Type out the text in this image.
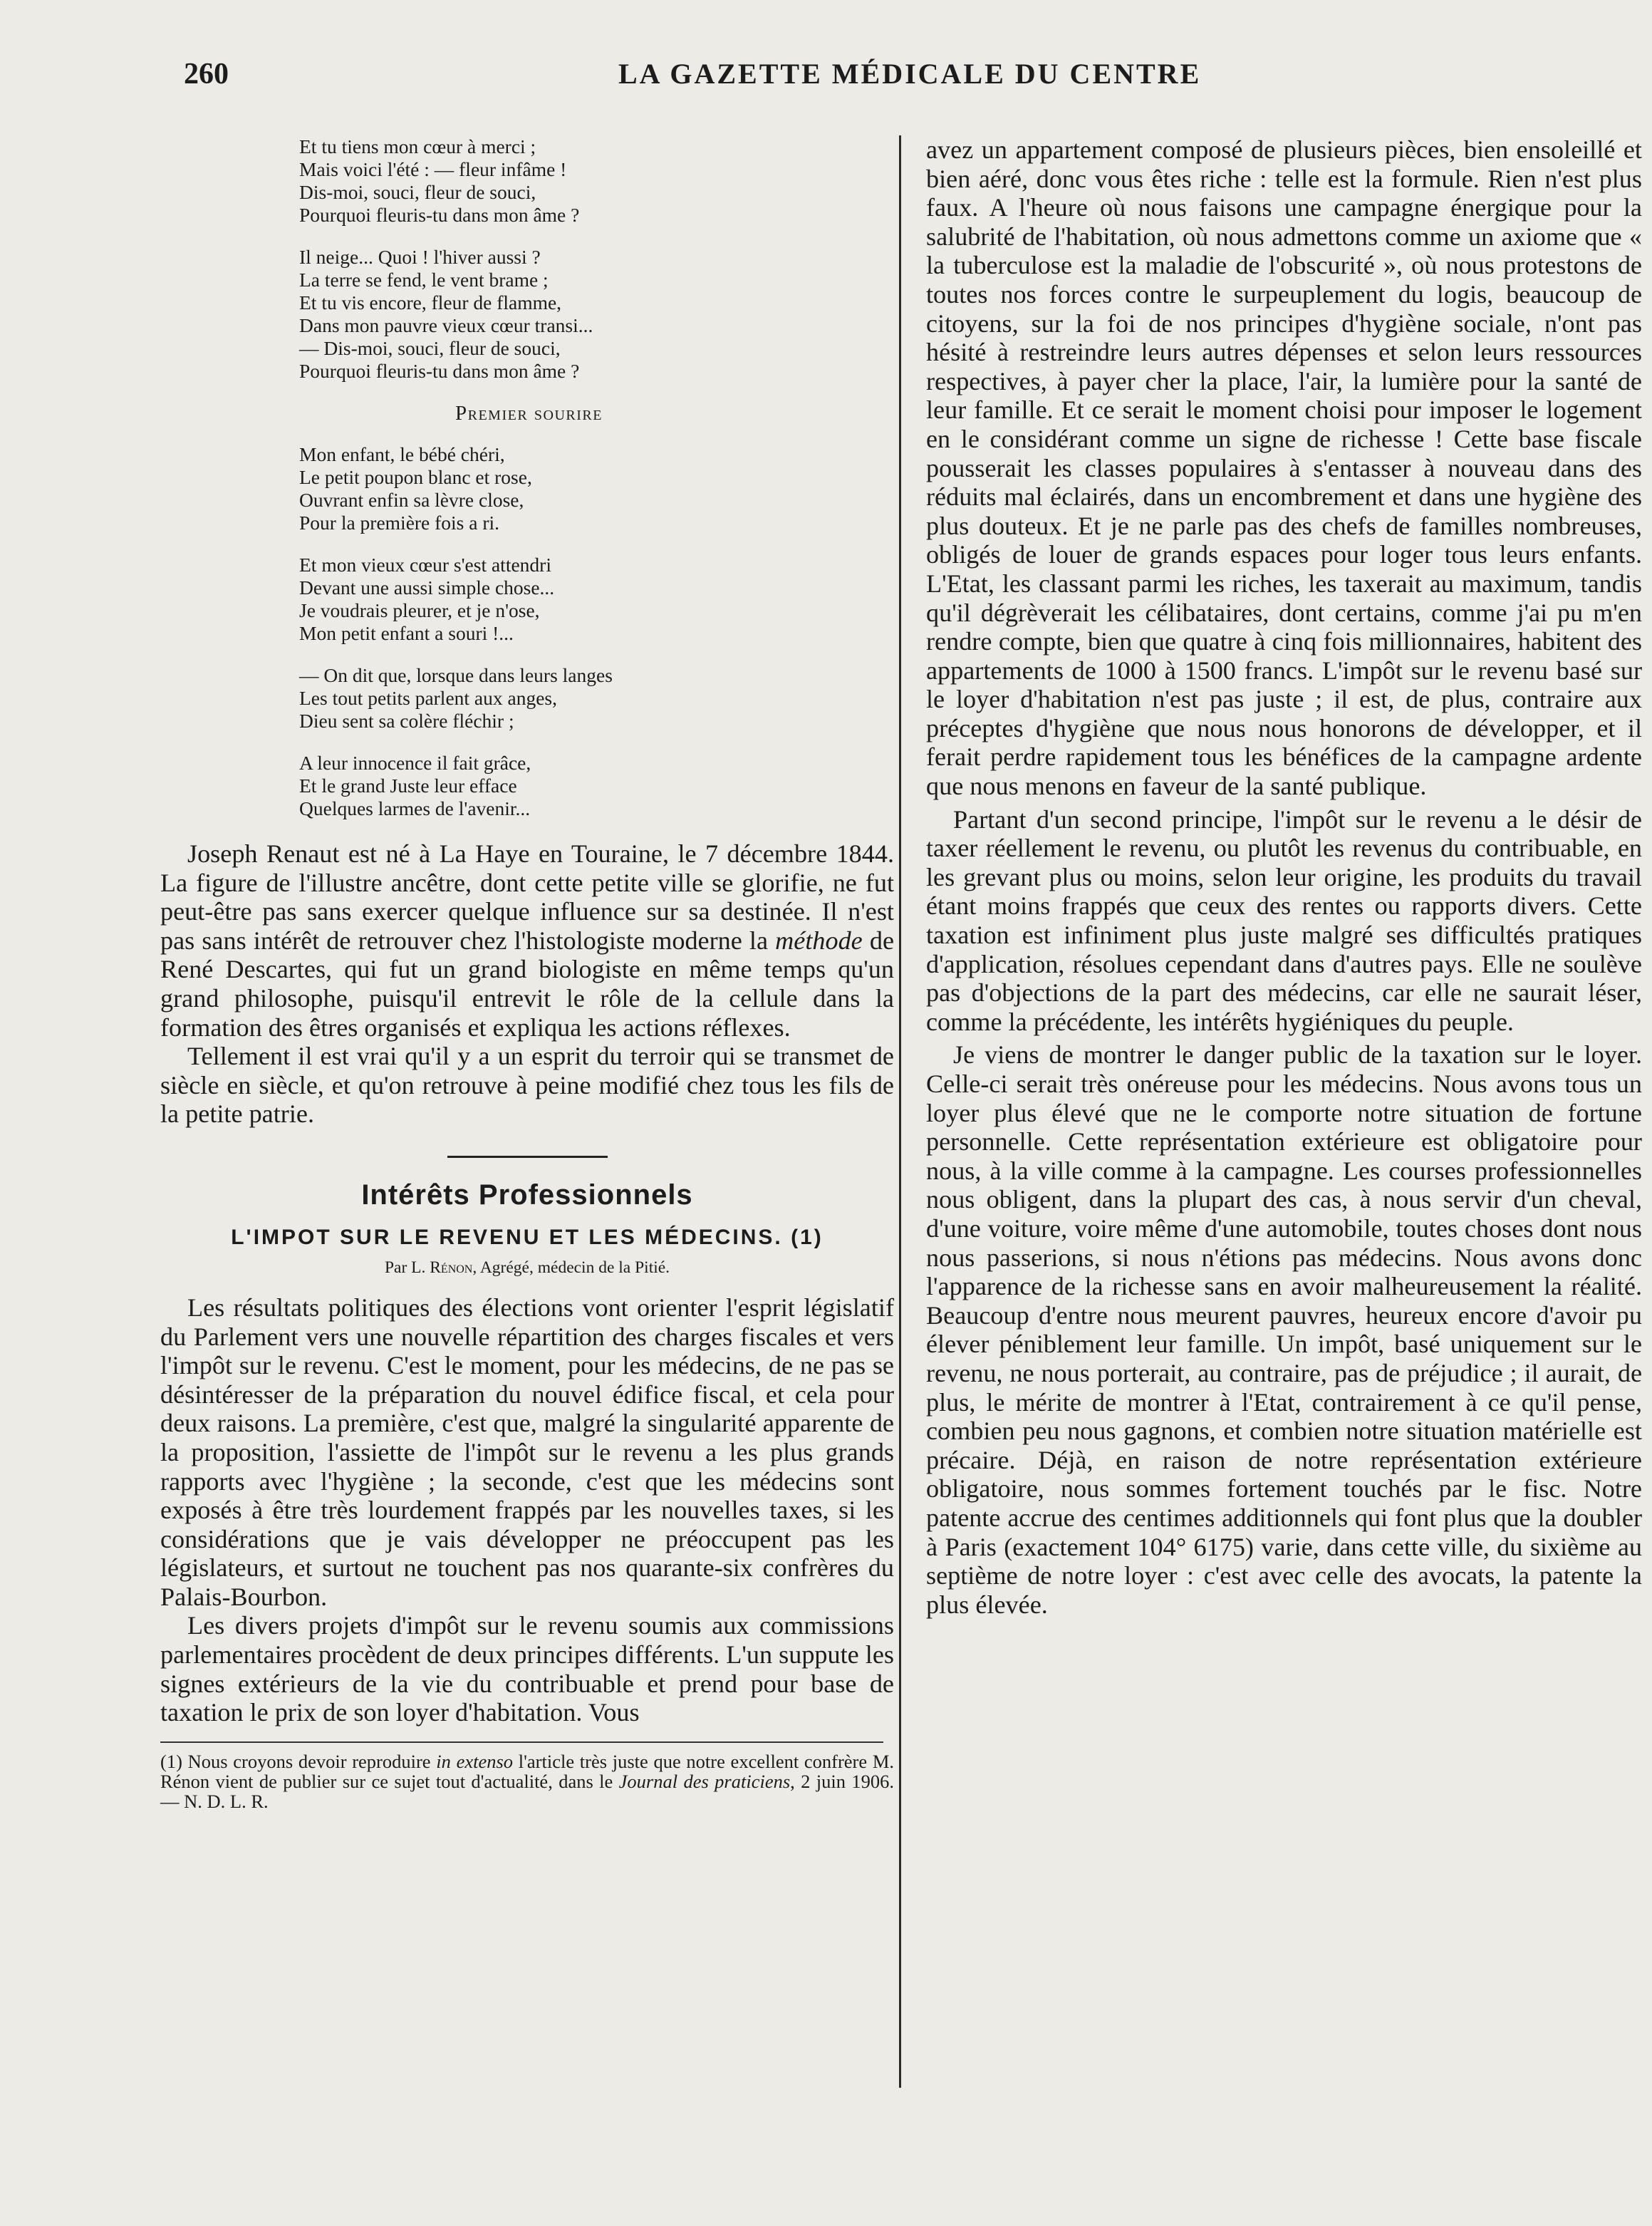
260	LA GAZETTE MÉDICALE DU CENTRE
Et tu tiens mon cœur à merci ;
Mais voici l'été : — fleur infâme !
Dis-moi, souci, fleur de souci,
Pourquoi fleuris-tu dans mon âme ?
Il neige... Quoi ! l'hiver aussi ?
La terre se fend, le vent brame ;
Et tu vis encore, fleur de flamme,
Dans mon pauvre vieux cœur transi...
— Dis-moi, souci, fleur de souci,
Pourquoi fleuris-tu dans mon âme ?
Premier sourire
Mon enfant, le bébé chéri,
Le petit poupon blanc et rose,
Ouvrant enfin sa lèvre close,
Pour la première fois a ri.
Et mon vieux cœur s'est attendri
Devant une aussi simple chose...
Je voudrais pleurer, et je n'ose,
Mon petit enfant a souri !...
— On dit que, lorsque dans leurs langes
Les tout petits parlent aux anges,
Dieu sent sa colère fléchir ;
A leur innocence il fait grâce,
Et le grand Juste leur efface
Quelques larmes de l'avenir...

Joseph Renaut est né à La Haye en Touraine, le 7 décembre 1844. La figure de l'illustre ancêtre, dont cette petite ville se glorifie, ne fut peut-être pas sans exercer quelque influence sur sa destinée. Il n'est pas sans intérêt de retrouver chez l'histologiste moderne la méthode de René Descartes, qui fut un grand biologiste en même temps qu'un grand philosophe, puisqu'il entrevit le rôle de la cellule dans la formation des êtres organisés et expliqua les actions réflexes.

Tellement il est vrai qu'il y a un esprit du terroir qui se transmet de siècle en siècle, et qu'on retrouve à peine modifié chez tous les fils de la petite patrie.

Intérêts Professionnels
L'IMPOT SUR LE REVENU ET LES MÉDECINS. (1)
Par L. Rénon, Agrégé, médecin de la Pitié.

Les résultats politiques des élections vont orienter l'esprit législatif du Parlement vers une nouvelle répartition des charges fiscales et vers l'impôt sur le revenu. C'est le moment, pour les médecins, de ne pas se désintéresser de la préparation du nouvel édifice fiscal, et cela pour deux raisons. La première, c'est que, malgré la singularité apparente de la proposition, l'assiette de l'impôt sur le revenu a les plus grands rapports avec l'hygiène ; la seconde, c'est que les médecins sont exposés à être très lourdement frappés par les nouvelles taxes, si les considérations que je vais développer ne préoccupent pas les législateurs, et surtout ne touchent pas nos quarante-six confrères du Palais-Bourbon.

Les divers projets d'impôt sur le revenu soumis aux commissions parlementaires procèdent de deux principes différents. L'un suppute les signes extérieurs de la vie du contribuable et prend pour base de taxation le prix de son loyer d'habitation. Vous

(1) Nous croyons devoir reproduire in extenso l'article très juste que notre excellent confrère M. Rénon vient de publier sur ce sujet tout d'actualité, dans le Journal des praticiens, 2 juin 1906. — N. D. L. R.

avez un appartement composé de plusieurs pièces, bien ensoleillé et bien aéré, donc vous êtes riche : telle est la formule. Rien n'est plus faux. A l'heure où nous faisons une campagne énergique pour la salubrité de l'habitation, où nous admettons comme un axiome que « la tuberculose est la maladie de l'obscurité », où nous protestons de toutes nos forces contre le surpeuplement du logis, beaucoup de citoyens, sur la foi de nos principes d'hygiène sociale, n'ont pas hésité à restreindre leurs autres dépenses et selon leurs ressources respectives, à payer cher la place, l'air, la lumière pour la santé de leur famille. Et ce serait le moment choisi pour imposer le logement en le considérant comme un signe de richesse ! Cette base fiscale pousserait les classes populaires à s'entasser à nouveau dans des réduits mal éclairés, dans un encombrement et dans une hygiène des plus douteux. Et je ne parle pas des chefs de familles nombreuses, obligés de louer de grands espaces pour loger tous leurs enfants. L'Etat, les classant parmi les riches, les taxerait au maximum, tandis qu'il dégrèverait les célibataires, dont certains, comme j'ai pu m'en rendre compte, bien que quatre à cinq fois millionnaires, habitent des appartements de 1000 à 1500 francs. L'impôt sur le revenu basé sur le loyer d'habitation n'est pas juste ; il est, de plus, contraire aux préceptes d'hygiène que nous nous honorons de développer, et il ferait perdre rapidement tous les bénéfices de la campagne ardente que nous menons en faveur de la santé publique.

Partant d'un second principe, l'impôt sur le revenu a le désir de taxer réellement le revenu, ou plutôt les revenus du contribuable, en les grevant plus ou moins, selon leur origine, les produits du travail étant moins frappés que ceux des rentes ou rapports divers. Cette taxation est infiniment plus juste malgré ses difficultés pratiques d'application, résolues cependant dans d'autres pays. Elle ne soulève pas d'objections de la part des médecins, car elle ne saurait léser, comme la précédente, les intérêts hygiéniques du peuple.

Je viens de montrer le danger public de la taxation sur le loyer. Celle-ci serait très onéreuse pour les médecins. Nous avons tous un loyer plus élevé que ne le comporte notre situation de fortune personnelle. Cette représentation extérieure est obligatoire pour nous, à la ville comme à la campagne. Les courses professionnelles nous obligent, dans la plupart des cas, à nous servir d'un cheval, d'une voiture, voire même d'une automobile, toutes choses dont nous nous passerions, si nous n'étions pas médecins. Nous avons donc l'apparence de la richesse sans en avoir malheureusement la réalité. Beaucoup d'entre nous meurent pauvres, heureux encore d'avoir pu élever péniblement leur famille. Un impôt, basé uniquement sur le revenu, ne nous porterait, au contraire, pas de préjudice ; il aurait, de plus, le mérite de montrer à l'Etat, contrairement à ce qu'il pense, combien peu nous gagnons, et combien notre situation matérielle est précaire. Déjà, en raison de notre représentation extérieure obligatoire, nous sommes fortement touchés par le fisc. Notre patente accrue des centimes additionnels qui font plus que la doubler à Paris (exactement 104° 6175) varie, dans cette ville, du sixième au septième de notre loyer : c'est avec celle des avocats, la patente la plus élevée.
